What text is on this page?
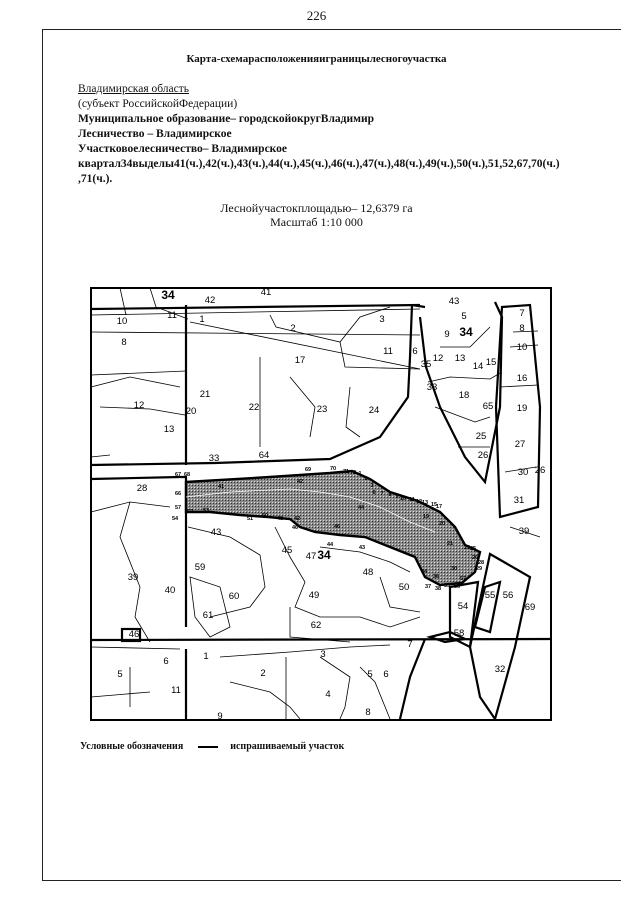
226
Карта-схемарасположенияиграницылесногоучастка
Владимирская область
(субъект РоссийскойФедерации)
Муниципальное образование– городскойокругВладимир
Лесничество – Владимирское
Участковоелесничество– Владимирское
квартал34выделы41(ч.),42(ч.),43(ч.),44(ч.),45(ч.),46(ч.),47(ч.),48(ч.),49(ч.),50(ч.),51,52,67,70(ч.)
,71(ч.).
Леснойучастокплощадью– 12,6379 га
Масштаб 1:10 000
34	42
41
43
10
11 1
2
3	5
9 34
7
8
10
8
17
11 6
12 13
14 15
16
35
33
12
21
22	23	24
20
18
19
65
13
25
27
33	64	26
28
30 26
31
43
45
47 34
48
39
59
40
60	49
50
55 56
61
62
54	69
39
46	58
6	1	3
7
5	2	5 6	32
11	4
8
9
67 68
69	70 71 72 1
2
3
66
57
54
41
42
44
46
52 53
51 50 48 42
6 7 8 9 10 11 12 13 15
17
19
20
21
23 25
26
28
29
34
36
37 38 35
43
44
46
56
57
30
Условные обозначения	испрашиваемый участок
